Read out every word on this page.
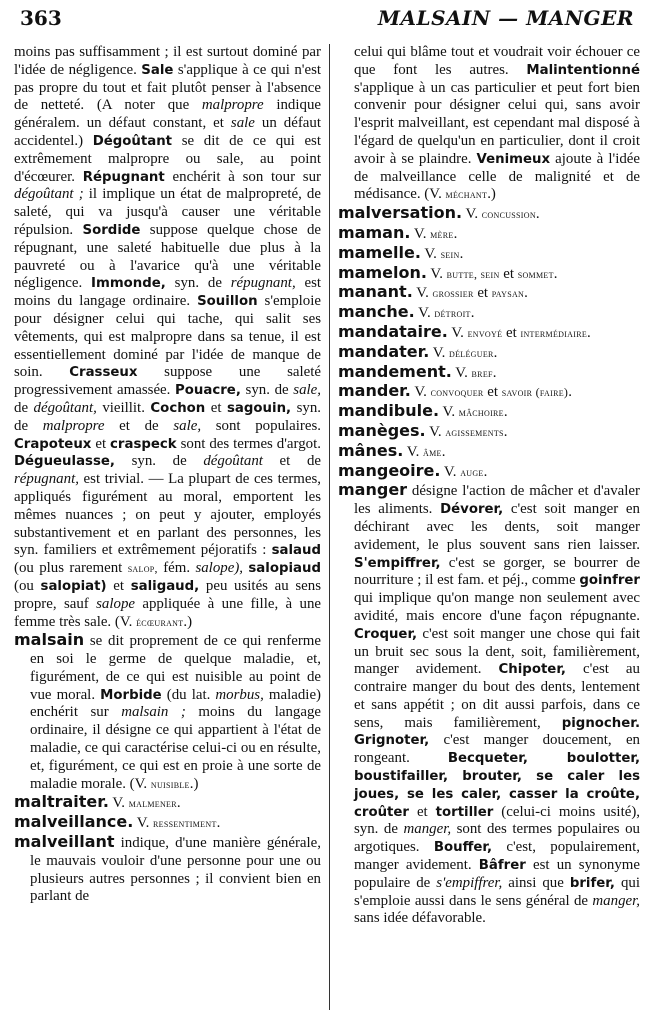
363	MALSAIN — MANGER

moins pas suffisamment ; il est surtout dominé par l'idée de négligence. Sale s'applique à ce qui n'est pas propre du tout et fait plutôt penser à l'absence de netteté. (A noter que malpropre indique généralem. un défaut constant, et sale un défaut accidentel.) Dégoûtant se dit de ce qui est extrêmement malpropre ou sale, au point d'écœurer. Répugnant enchérit à son tour sur dégoûtant ; il implique un état de malpropreté, de saleté, qui va jusqu'à causer une véritable répulsion. Sordide suppose quelque chose de répugnant, une saleté habituelle due plus à la pauvreté ou à l'avarice qu'à une véritable négligence. Immonde, syn. de répugnant, est moins du langage ordinaire. Souillon s'emploie pour désigner celui qui tache, qui salit ses vêtements, qui est malpropre dans sa tenue, il est essentiellement dominé par l'idée de manque de soin. Crasseux suppose une saleté progressivement amassée. Pouacre, syn. de sale, de dégoûtant, vieillit. Cochon et sagouin, syn. de malpropre et de sale, sont populaires. Crapoteux et craspeck sont des termes d'argot. Dégueulasse, syn. de dégoûtant et de répugnant, est trivial. — La plupart de ces termes, appliqués figurément au moral, emportent les mêmes nuances ; on peut y ajouter, employés substantivement et en parlant des personnes, les syn. familiers et extrêmement péjoratifs : salaud (ou plus rarement salop, fém. salope), salopiaud (ou salopiat) et saligaud, peu usités au sens propre, sauf salope appliquée à une fille, à une femme très sale. (V. écœurant.)

malsain se dit proprement de ce qui renferme en soi le germe de quelque maladie, et, figurément, de ce qui est nuisible au point de vue moral. Morbide (du lat. morbus, maladie) enchérit sur malsain ; moins du langage ordinaire, il désigne ce qui appartient à l'état de maladie, ce qui caractérise celui-ci ou en résulte, et, figurément, ce qui est en proie à une sorte de maladie morale. (V. nuisible.)

maltraiter. V. malmener.

malveillance. V. ressentiment.

malveillant indique, d'une manière générale, le mauvais vouloir d'une personne pour une ou plusieurs autres personnes ; il convient bien en parlant de

celui qui blâme tout et voudrait voir échouer ce que font les autres. Malintentionné s'applique à un cas particulier et peut fort bien convenir pour désigner celui qui, sans avoir l'esprit malveillant, est cependant mal disposé à l'égard de quelqu'un en particulier, dont il croit avoir à se plaindre. Venimeux ajoute à l'idée de malveillance celle de malignité et de médisance. (V. méchant.)

malversation. V. concussion.

maman. V. mère.

mamelle. V. sein.

mamelon. V. butte, sein et sommet.

manant. V. grossier et paysan.

manche. V. détroit.

mandataire. V. envoyé et intermédiaire.

mandater. V. déléguer.

mandement. V. bref.

mander. V. convoquer et savoir (faire).

mandibule. V. mâchoire.

manèges. V. agissements.

mânes. V. âme.

mangeoire. V. auge.

manger désigne l'action de mâcher et d'avaler les aliments. Dévorer, c'est soit manger en déchirant avec les dents, soit manger avidement, le plus souvent sans rien laisser. S'empiffrer, c'est se gorger, se bourrer de nourriture ; il est fam. et péj., comme goinfrer qui implique qu'on mange non seulement avec avidité, mais encore d'une façon répugnante. Croquer, c'est soit manger une chose qui fait un bruit sec sous la dent, soit, familièrement, manger avidement. Chipoter, c'est au contraire manger du bout des dents, lentement et sans appétit ; on dit aussi parfois, dans ce sens, mais familièrement, pignocher. Grignoter, c'est manger doucement, en rongeant. Becqueter, boulotter, boustifailler, brouter, se caler les joues, se les caler, casser la croûte, croûter et tortiller (celui-ci moins usité), syn. de manger, sont des termes populaires ou argotiques. Bouffer, c'est, populairement, manger avidement. Bâfrer est un synonyme populaire de s'empiffrer, ainsi que brifer, qui s'emploie aussi dans le sens général de manger, sans idée défavorable.
